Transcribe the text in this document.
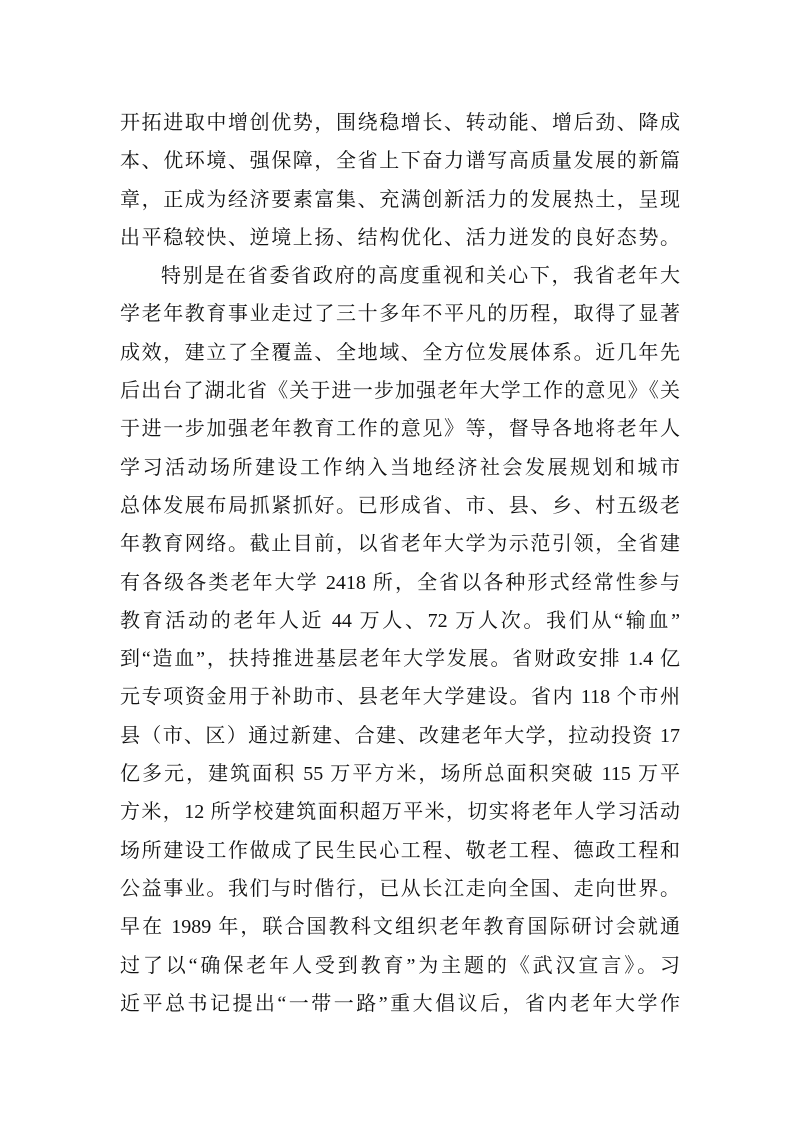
开拓进取中增创优势，围绕稳增长、转动能、增后劲、降成
本、优环境、强保障，全省上下奋力谱写高质量发展的新篇
章，正成为经济要素富集、充满创新活力的发展热土，呈现
出平稳较快、逆境上扬、结构优化、活力迸发的良好态势。
特别是在省委省政府的高度重视和关心下，我省老年大
学老年教育事业走过了三十多年不平凡的历程，取得了显著
成效，建立了全覆盖、全地域、全方位发展体系。近几年先
后出台了湖北省《关于进一步加强老年大学工作的意见》《关
于进一步加强老年教育工作的意见》等，督导各地将老年人
学习活动场所建设工作纳入当地经济社会发展规划和城市
总体发展布局抓紧抓好。已形成省、市、县、乡、村五级老
年教育网络。截止目前，以省老年大学为示范引领，全省建
有各级各类老年大学 2418 所，全省以各种形式经常性参与
教育活动的老年人近 44 万人、72 万人次。我们从“输血”
到“造血”，扶持推进基层老年大学发展。省财政安排 1.4 亿
元专项资金用于补助市、县老年大学建设。省内 118 个市州
县（市、区）通过新建、合建、改建老年大学，拉动投资 17
亿多元，建筑面积 55 万平方米，场所总面积突破 115 万平
方米，12 所学校建筑面积超万平米，切实将老年人学习活动
场所建设工作做成了民生民心工程、敬老工程、德政工程和
公益事业。我们与时偕行，已从长江走向全国、走向世界。
早在 1989 年，联合国教科文组织老年教育国际研讨会就通
过了以“确保老年人受到教育”为主题的《武汉宣言》。习
近平总书记提出“一带一路”重大倡议后，省内老年大学作
